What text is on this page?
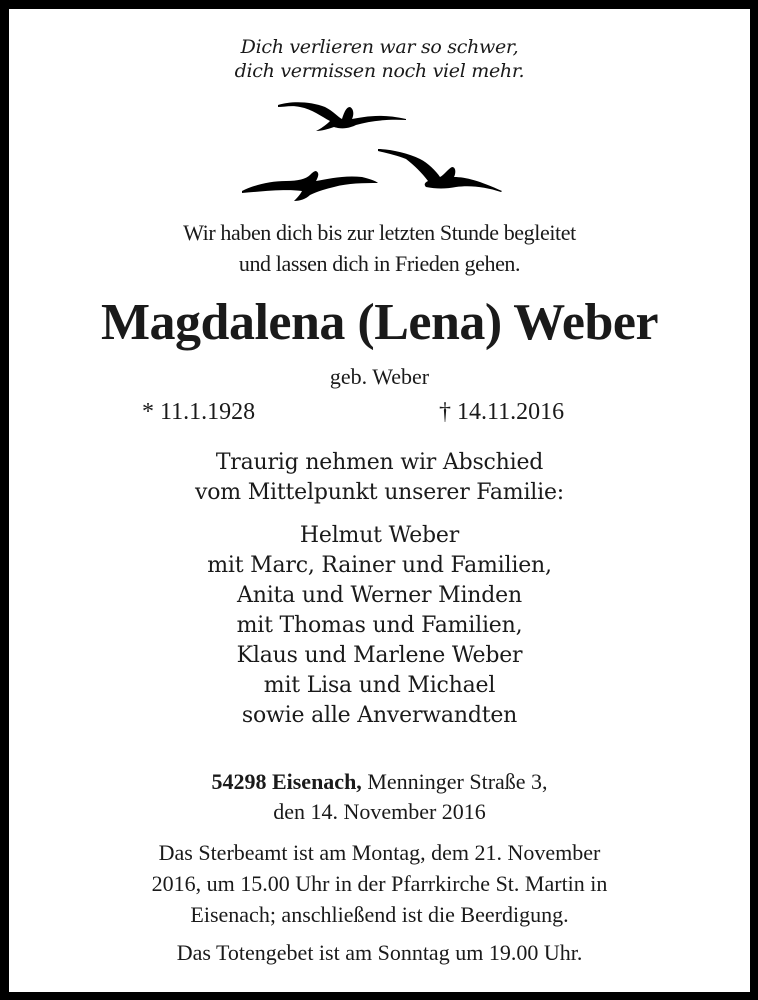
Dich verlieren war so schwer,
dich vermissen noch viel mehr.
Wir haben dich bis zur letzten Stunde begleitet
und lassen dich in Frieden gehen.
Magdalena (Lena) Weber
geb. Weber
* 11.1.1928	† 14.11.2016
Traurig nehmen wir Abschied
vom Mittelpunkt unserer Familie:
Helmut Weber
mit Marc, Rainer und Familien,
Anita und Werner Minden
mit Thomas und Familien,
Klaus und Marlene Weber
mit Lisa und Michael
sowie alle Anverwandten
54298 Eisenach, Menninger Straße 3,
den 14. November 2016
Das Sterbeamt ist am Montag, dem 21. November
2016, um 15.00 Uhr in der Pfarrkirche St. Martin in
Eisenach; anschließend ist die Beerdigung.
Das Totengebet ist am Sonntag um 19.00 Uhr.
